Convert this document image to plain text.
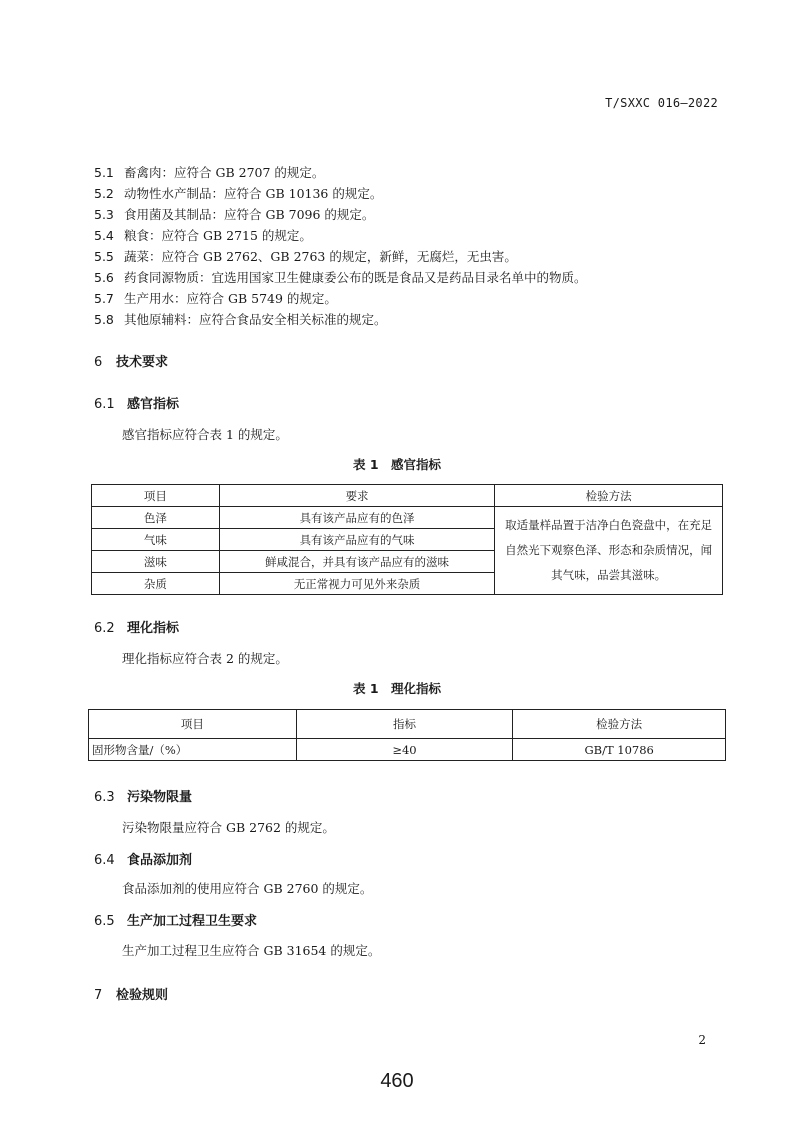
T/SXXC 016—2022
5.1 畜禽肉：应符合 GB 2707 的规定。
5.2 动物性水产制品：应符合 GB 10136 的规定。
5.3 食用菌及其制品：应符合 GB 7096 的规定。
5.4 粮食：应符合 GB 2715 的规定。
5.5 蔬菜：应符合 GB 2762、GB 2763 的规定，新鲜，无腐烂，无虫害。
5.6 药食同源物质：宜选用国家卫生健康委公布的既是食品又是药品目录名单中的物质。
5.7 生产用水：应符合 GB 5749 的规定。
5.8 其他原辅料：应符合食品安全相关标准的规定。
6 技术要求
6.1 感官指标
感官指标应符合表 1 的规定。
表 1　感官指标
项目	要求	检验方法
色泽	具有该产品应有的色泽	取适量样品置于洁净白色瓷盘中，在充足
自然光下观察色泽、形态和杂质情况，闻
其气味，品尝其滋味。

气味	具有该产品应有的气味	
滋味	鲜咸混合，并具有该产品应有的滋味	
杂质	无正常视力可见外来杂质	
6.2 理化指标
理化指标应符合表 2 的规定。
表 1　理化指标
项目	指标	检验方法
固形物含量/（%）	≥40	GB/T 10786
6.3 污染物限量
污染物限量应符合 GB 2762 的规定。
6.4 食品添加剂
食品添加剂的使用应符合 GB 2760 的规定。
6.5 生产加工过程卫生要求
生产加工过程卫生应符合 GB 31654 的规定。
7 检验规则
2
460
